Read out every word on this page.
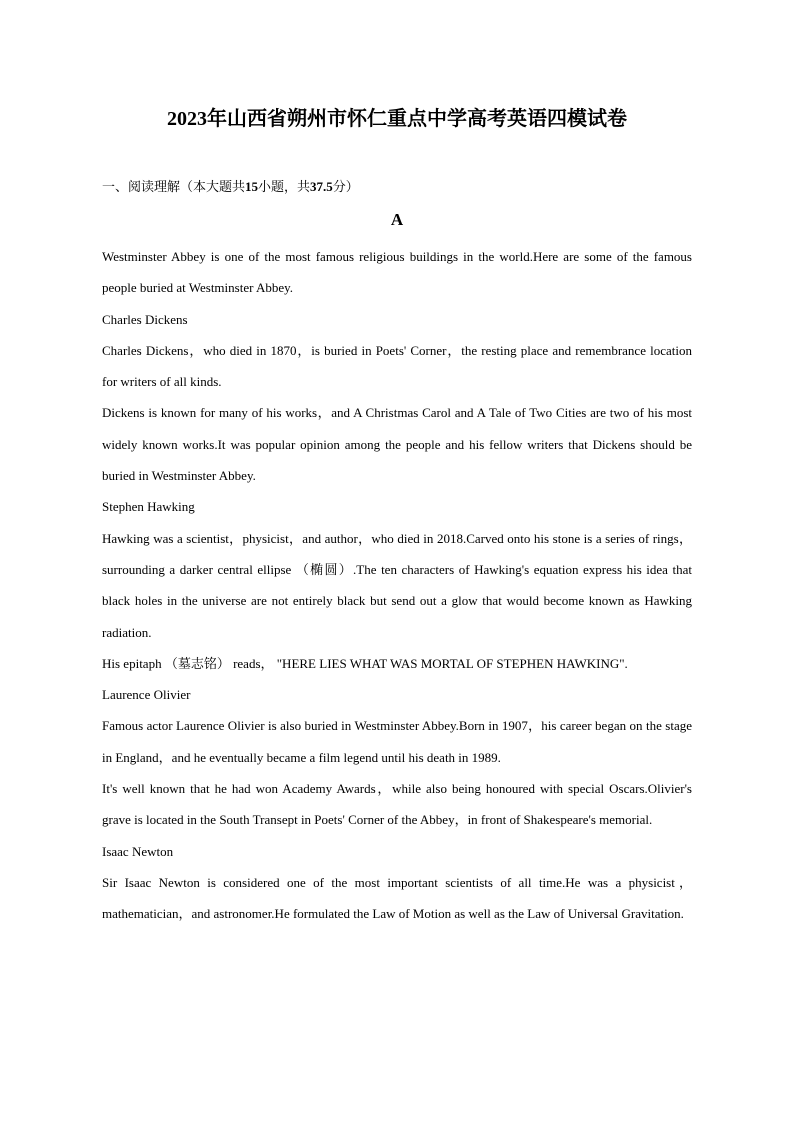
2023年山西省朔州市怀仁重点中学高考英语四模试卷
一、阅读理解（本大题共15小题，共37.5分）
A

Westminster Abbey is one of the most famous religious buildings in the world.Here are some of the famous people buried at Westminster Abbey.

Charles Dickens

Charles Dickens，who died in 1870，is buried in Poets' Corner，the resting place and remembrance location for writers of all kinds.

Dickens is known for many of his works，and A Christmas Carol and A Tale of Two Cities are two of his most widely known works.It was popular opinion among the people and his fellow writers that Dickens should be buried in Westminster Abbey.

Stephen Hawking

Hawking was a scientist，physicist，and author，who died in 2018.Carved onto his stone is a series of rings，surrounding a darker central ellipse （椭圆）.The ten characters of Hawking's equation express his idea that black holes in the universe are not entirely black but send out a glow that would become known as Hawking radiation.

His epitaph （墓志铭） reads， "HERE LIES WHAT WAS MORTAL OF STEPHEN HAWKING".

Laurence Olivier

Famous actor Laurence Olivier is also buried in Westminster Abbey.Born in 1907，his career began on the stage in England，and he eventually became a film legend until his death in 1989.

It's well known that he had won Academy Awards，while also being honoured with special Oscars.Olivier's grave is located in the South Transept in Poets' Corner of the Abbey，in front of Shakespeare's memorial.

Isaac Newton

Sir Isaac Newton is considered one of the most important scientists of all time.He was a physicist，mathematician，and astronomer.He formulated the Law of Motion as well as the Law of Universal Gravitation.
